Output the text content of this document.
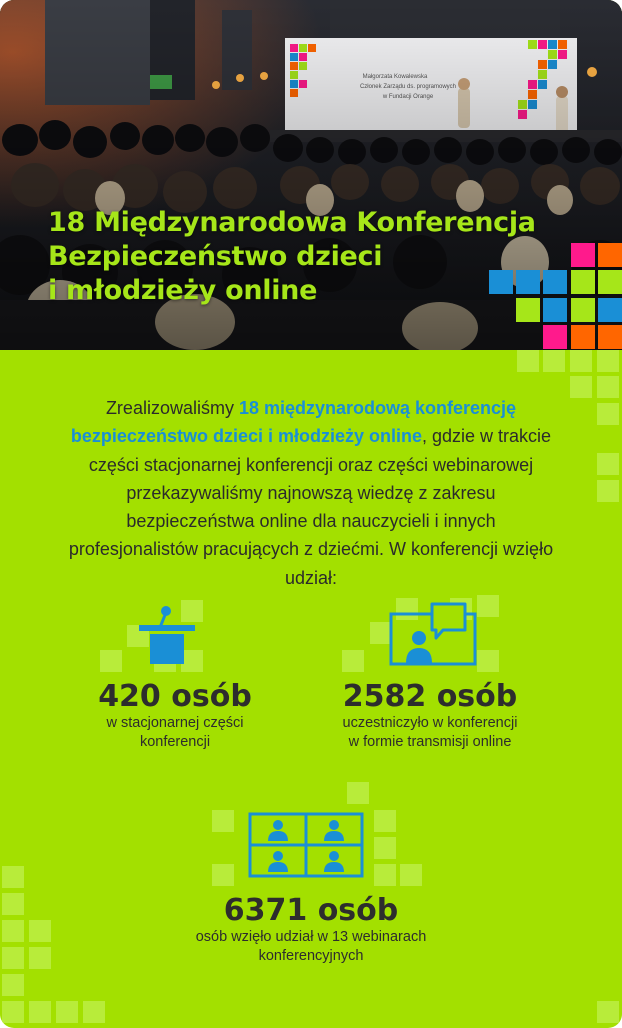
18 Międzynarodowa Konferencja
Bezpieczeństwo dzieci
i młodzieży online
Zrealizowaliśmy 18 międzynarodową konferencję bezpieczeństwo dzieci i młodzieży online, gdzie w trakcie części stacjonarnej konferencji oraz części webinarowej przekazywaliśmy najnowszą wiedzę z zakresu bezpieczeństwa online dla nauczycieli i innych profesjonalistów pracujących z dziećmi. W konferencji wzięło udział:
420 osób
w stacjonarnej części
konferencji
2582 osób
uczestniczyło w konferencji
w formie transmisji online
6371 osób
osób wzięło udział w 13 webinarach
konferencyjnych
